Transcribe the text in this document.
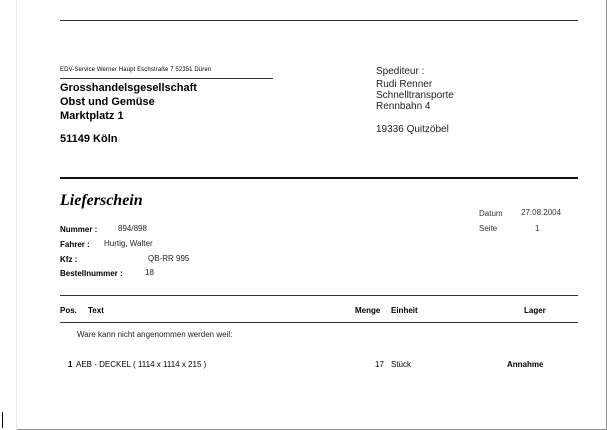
EDV-Service Werner Haupt Eschstraße 7 52351 Düren
Grosshandelsgesellschaft
Obst und Gemüse
Marktplatz 1
51149 Köln
Spediteur :
Rudi Renner
Schnelltransporte
Rennbahn 4
19336 Quitzöbel
Lieferschein
Nummer :	894/898
Fahrer : Hurtig, Walter
Kfz :	QB-RR 995
Bestellnummer :	18
Datum 27.08.2004
Seite	1
Pos. Text	Menge Einheit	Lager
Ware kann nicht angenommen werden weil:
1 AEB - DECKEL ( 1114 x 1114 x 215 )	17 Stück	Annahme
